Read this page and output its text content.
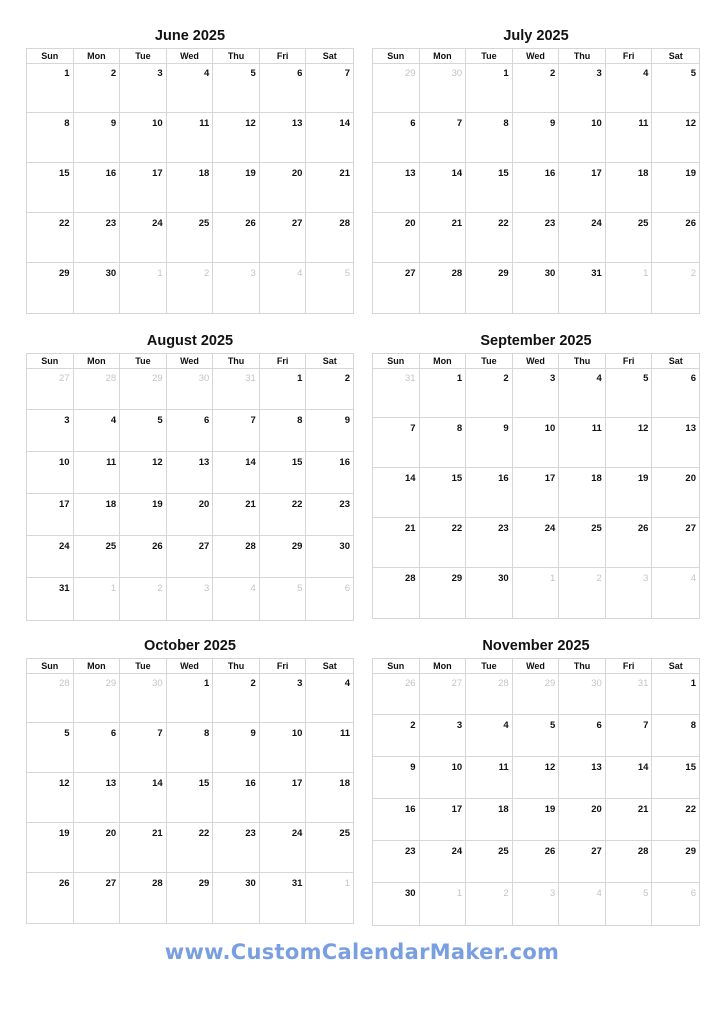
June 2025
Sun	Mon	Tue	Wed	Thu	Fri	Sat
1	2	3	4	5	6	7
8	9	10	11	12	13	14
15	16	17	18	19	20	21
22	23	24	25	26	27	28
29	30	1	2	3	4	5
July 2025
Sun	Mon	Tue	Wed	Thu	Fri	Sat
29	30	1	2	3	4	5
6	7	8	9	10	11	12
13	14	15	16	17	18	19
20	21	22	23	24	25	26
27	28	29	30	31	1	2
August 2025
Sun	Mon	Tue	Wed	Thu	Fri	Sat
27	28	29	30	31	1	2
3	4	5	6	7	8	9
10	11	12	13	14	15	16
17	18	19	20	21	22	23
24	25	26	27	28	29	30
31	1	2	3	4	5	6
September 2025
Sun	Mon	Tue	Wed	Thu	Fri	Sat
31	1	2	3	4	5	6
7	8	9	10	11	12	13
14	15	16	17	18	19	20
21	22	23	24	25	26	27
28	29	30	1	2	3	4
October 2025
Sun	Mon	Tue	Wed	Thu	Fri	Sat
28	29	30	1	2	3	4
5	6	7	8	9	10	11
12	13	14	15	16	17	18
19	20	21	22	23	24	25
26	27	28	29	30	31	1
November 2025
Sun	Mon	Tue	Wed	Thu	Fri	Sat
26	27	28	29	30	31	1
2	3	4	5	6	7	8
9	10	11	12	13	14	15
16	17	18	19	20	21	22
23	24	25	26	27	28	29
30	1	2	3	4	5	6
www.CustomCalendarMaker.com
